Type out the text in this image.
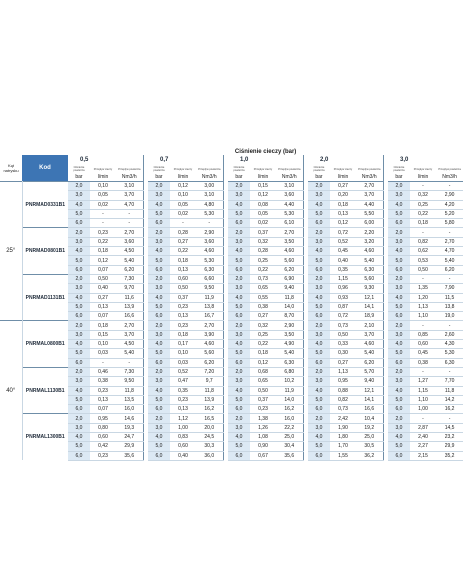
		Ciśnienie cieczy (bar)																		
Kąt natrysku	Kod	0,5				0,7				1,0				2,0				3,0		
		Ciśnienie powietrza	Przepływ cieczy	Przepływ powietrza		Ciśnienie powietrza	Przepływ cieczy	Przepływ powietrza		Ciśnienie powietrza	Przepływ cieczy	Przepływ powietrza		Ciśnienie powietrza	Przepływ cieczy	Przepływ powietrza		Ciśnienie powietrza	Przepływ cieczy	Przepływ powietrza
		bar	l/min	Nm3/h		bar	l/min	Nm3/h		bar	l/min	Nm3/h		bar	l/min	Nm3/h		bar	l/min	Nm3/h
25°	PNRMAD0331B1	2,0	0,10	3,10		2,0	0,12	3,00		2,0	0,15	3,10		2,0	0,27	2,70		2,0	-	-
		3,0	0,05	3,70		3,0	0,10	3,10		3,0	0,12	3,60		3,0	0,20	3,70		3,0	0,32	2,90
		4,0	0,02	4,70		4,0	0,05	4,80		4,0	0,08	4,40		4,0	0,18	4,40		4,0	0,25	4,20
		5,0	-	-		5,0	0,02	5,30		5,0	0,05	5,30		5,0	0,13	5,50		5,0	0,22	5,20
		6,0	-	-		6,0	-	-		6,0	0,02	6,10		6,0	0,12	6,00		6,0	0,18	5,80
	PNRMAD0801B1	2,0	0,23	2,70		2,0	0,28	2,90		2,0	0,37	2,70		2,0	0,72	2,20		2,0	-	-
		3,0	0,22	3,60		3,0	0,27	3,60		3,0	0,32	3,50		3,0	0,52	3,20		3,0	0,82	2,70
		4,0	0,18	4,50		4,0	0,22	4,60		4,0	0,28	4,60		4,0	0,45	4,60		4,0	0,62	4,70
		5,0	0,12	5,40		5,0	0,18	5,30		5,0	0,25	5,60		5,0	0,40	5,40		5,0	0,53	5,40
		6,0	0,07	6,20		6,0	0,13	6,30		6,0	0,22	6,20		6,0	0,35	6,30		6,0	0,50	6,20
	PNRMAD1131B1	2,0	0,50	7,30		2,0	0,60	6,60		2,0	0,73	6,90		2,0	1,15	5,60		2,0	-	-
		3,0	0,40	9,70		3,0	0,50	9,50		3,0	0,65	9,40		3,0	0,96	9,30		3,0	1,35	7,90
		4,0	0,27	11,6		4,0	0,37	11,9		4,0	0,55	11,8		4,0	0,93	12,1		4,0	1,20	11,5
		5,0	0,13	13,9		5,0	0,23	13,8		5,0	0,38	14,0		5,0	0,87	14,1		5,0	1,13	13,8
		6,0	0,07	16,6		6,0	0,13	16,7		6,0	0,27	8,70		6,0	0,72	18,9		6,0	1,10	19,0
40°	PNRMAL0800B1	2,0	0,18	2,70		2,0	0,23	2,70		2,0	0,32	2,90		2,0	0,73	2,10		2,0	-	-
		3,0	0,15	3,70		3,0	0,18	3,90		3,0	0,25	3,50		3,0	0,50	3,70		3,0	0,85	2,60
		4,0	0,10	4,50		4,0	0,17	4,60		4,0	0,22	4,90		4,0	0,33	4,60		4,0	0,60	4,30
		5,0	0,03	5,40		5,0	0,10	5,60		5,0	0,18	5,40		5,0	0,30	5,40		5,0	0,45	5,30
		6,0	-	-		6,0	0,03	6,20		6,0	0,12	6,30		6,0	0,27	6,20		6,0	0,38	6,30
	PNRMAL1130B1	2,0	0,46	7,30		2,0	0,52	7,20		2,0	0,68	6,80		2,0	1,13	5,70		2,0	-	-
		3,0	0,38	9,50		3,0	0,47	9,7		3,0	0,65	10,2		3,0	0,95	9,40		3,0	1,27	7,70
		4,0	0,23	11,8		4,0	0,35	11,8		4,0	0,50	11,9		4,0	0,88	12,1		4,0	1,15	11,8
		5,0	0,13	13,5		5,0	0,23	13,9		5,0	0,37	14,0		5,0	0,82	14,1		5,0	1,10	14,2
		6,0	0,07	16,0		6,0	0,13	16,2		6,0	0,23	16,2		6,0	0,73	16,6		6,0	1,00	16,2
	PNRMAL1300B1	2,0	0,95	14,6		2,0	1,12	16,5		2,0	1,38	16,0		2,0	2,42	10,4		2,0	-	-
		3,0	0,80	19,3		3,0	1,00	20,0		3,0	1,26	22,2		3,0	1,90	19,2		3,0	2,87	14,5
		4,0	0,60	24,7		4,0	0,83	24,5		4,0	1,08	25,0		4,0	1,80	25,0		4,0	2,40	23,2
		5,0	0,42	29,9		5,0	0,60	30,3		5,0	0,90	30,4		5,0	1,70	30,5		5,0	2,27	29,9
		6,0	0,23	35,6		6,0	0,40	36,0		6,0	0,67	35,6		6,0	1,55	36,2		6,0	2,15	35,2
